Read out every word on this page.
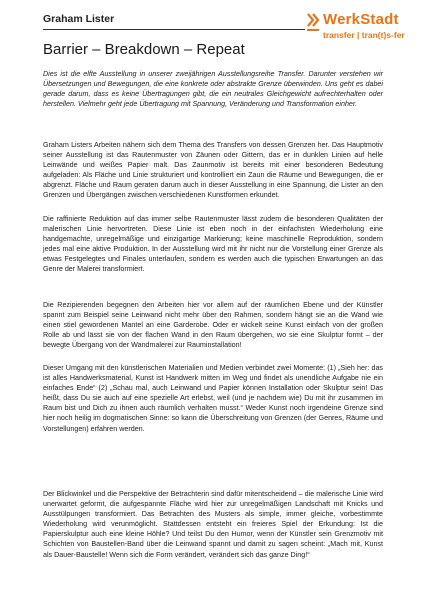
Graham Lister	WerkStadt
transfer | tran(t)s-fer
Barrier – Breakdown – Repeat
Dies ist die elfte Ausstellung in unserer zweijährigen Ausstellungsreihe Transfer. Darunter verstehen wir Übersetzungen und Bewegungen, die eine konkrete oder abstrakte Grenze überwinden. Uns geht es dabei gerade darum, dass es keine Übertragungen gibt, die ein neutrales Gleichgewicht aufrechterhalten oder herstellen. Vielmehr geht jede Übertragung mit Spannung, Veränderung und Transformation einher.
Graham Listers Arbeiten nähern sich dem Thema des Transfers von dessen Grenzen her. Das Hauptmotiv seiner Ausstellung ist das Rautenmuster von Zäunen oder Gittern, das er in dunklen Linien auf helle Leinwände und weißes Papier malt. Das Zaunmotiv ist bereits mit einer besonderen Bedeutung aufgeladen: Als Fläche und Linie strukturiert und kontrolliert ein Zaun die Räume und Bewegungen, die er abgrenzt. Fläche und Raum geraten darum auch in dieser Ausstellung in eine Spannung, die Lister an den Grenzen und Übergängen zwischen verschiedenen Kunstformen erkundet.
Die raffinierte Reduktion auf das immer selbe Rautenmuster lässt zudem die besonderen Qualitäten der malerischen Linie hervortreten. Diese Linie ist eben noch in der einfachsten Wiederholung eine handgemachte, unregelmäßige und einzigartige Markierung; keine maschinelle Reproduktion, sondern jedes mal eine aktive Produktion. In der Ausstellung wird mit ihr nicht nur die Vorstellung einer Grenze als etwas Festgelegtes und Finales unterlaufen, sondern es werden auch die typischen Erwartungen an das Genre der Malerei transformiert.
Die Rezipierenden begegnen den Arbeiten hier vor allem auf der räumlichen Ebene und der Künstler spannt zum Beispiel seine Leinwand nicht mehr über den Rahmen, sondern hängt sie an die Wand wie einen stiel gewordenen Mantel an eine Garderobe. Oder er wickelt seine Kunst einfach von der großen Rolle ab und lässt sie von der flachen Wand in den Raum übergehen, wo sie eine Skulptur formt – der bewegte Übergang von der Wandmalerei zur Rauminstallation!
Dieser Umgang mit den künstlerischen Materialien und Medien verbindet zwei Momente: (1) „Sieh her: das ist alles Handwerksmaterial, Kunst ist Handwerk mitten im Weg und findet als unendliche Aufgabe nie ein einfaches Ende“ (2) „Schau mal, auch Leinwand und Papier können Installation oder Skulptur sein! Das heißt, dass Du sie auch auf eine spezielle Art erlebst, weil (und je nachdem wie) Du mit ihr zusammen im Raum bist und Dich zu ihnen auch räumlich verhalten musst.“ Weder Kunst noch irgendeine Grenze sind hier noch heilig im dogmatischen Sinne: so kann die Überschreitung von Grenzen (der Genres, Räume und Vorstellungen) erfahren werden.
Der Blickwinkel und die Perspektive der Betrachterin sind dafür mitentscheidend – die malerische Linie wird unerwartet geformt, die aufgespannte Fläche wird hier zur unregelmäßigen Landschaft mit Knicks und Ausstülpungen transformiert. Das Betrachten des Musters als simple, immer gleiche, vorbestimmte Wiederholung wird verunmöglicht. Stattdessen entsteht ein freieres Spiel der Erkundung: Ist die Papierskulptur auch eine kleine Höhle? Und teilst Du den Humor, wenn der Künstler sein Grenzmotiv mit Schichten von Baustellen-Band über die Leinwand spannt und damit zu sagen scheint: „Mach mit, Kunst als Dauer-Baustelle! Wenn sich die Form verändert, verändert sich das ganze Ding!“
